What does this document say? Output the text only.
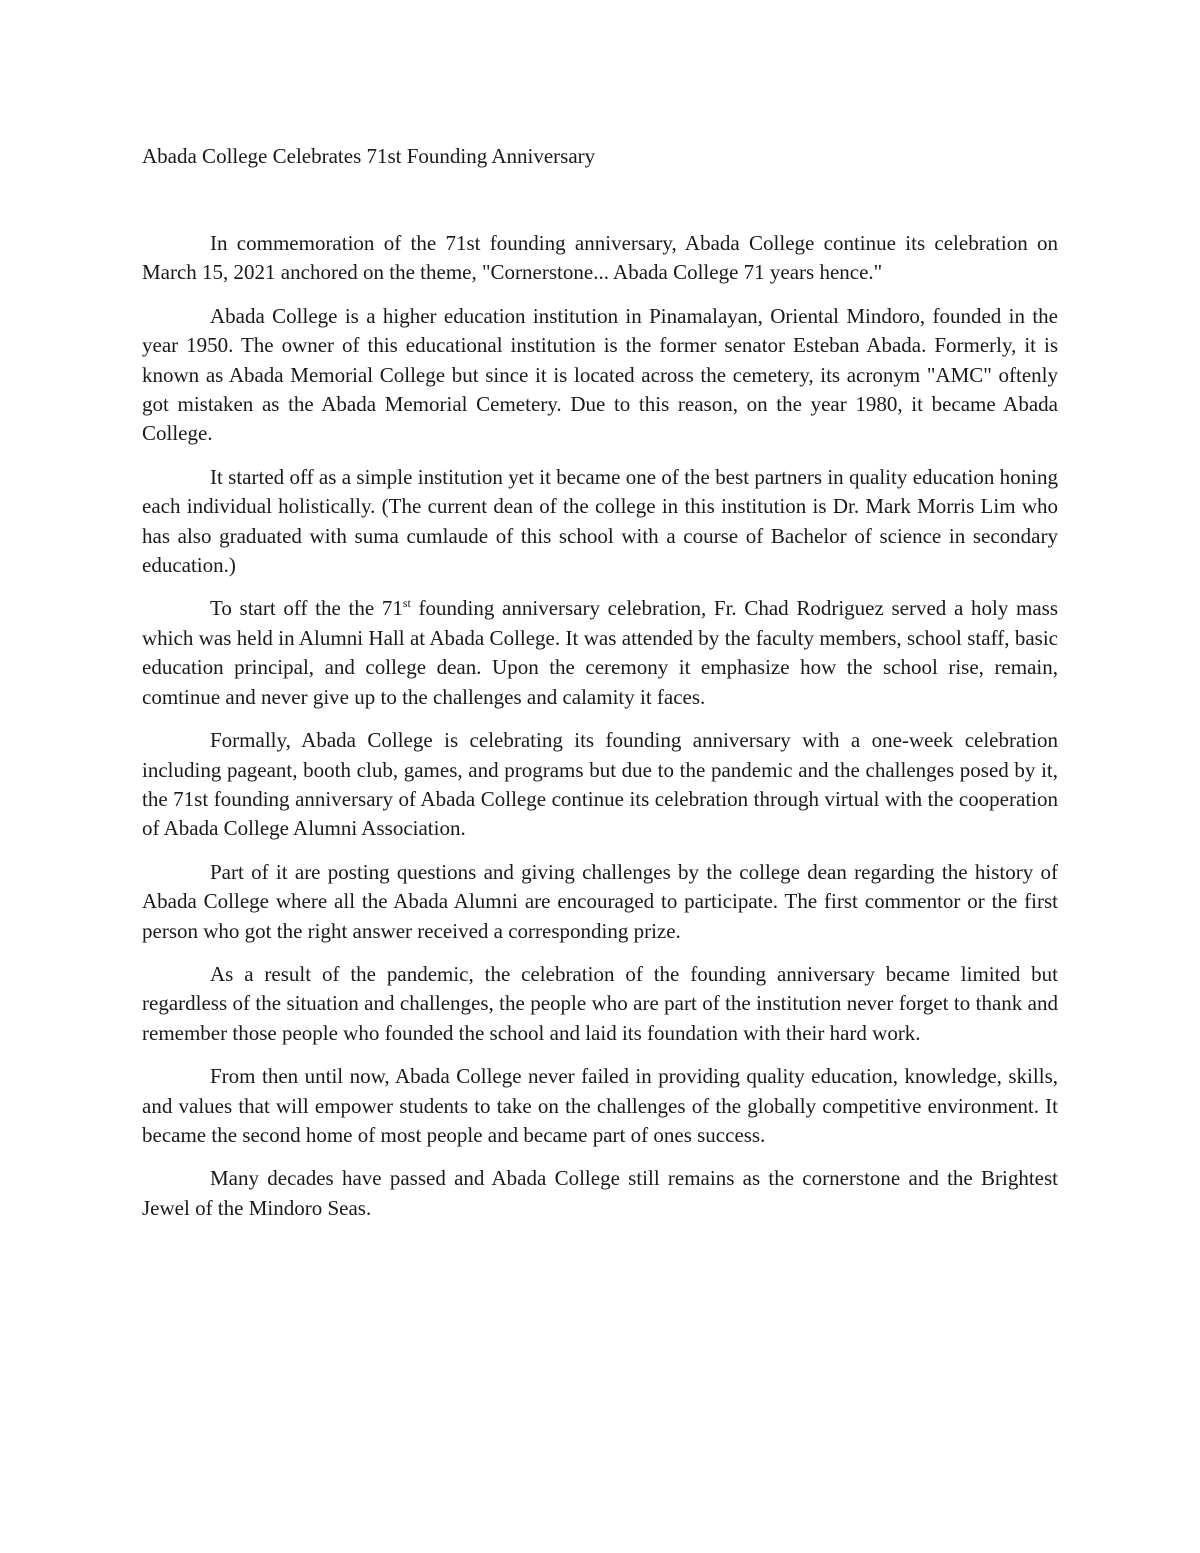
Abada College Celebrates 71st Founding Anniversary

In commemoration of the 71st founding anniversary, Abada College continue its celebration on March 15, 2021 anchored on the theme, "Cornerstone... Abada College 71 years hence."

Abada College is a higher education institution in Pinamalayan, Oriental Mindoro, founded in the year 1950. The owner of this educational institution is the former senator Esteban Abada. Formerly, it is known as Abada Memorial College but since it is located across the cemetery, its acronym "AMC" oftenly got mistaken as the Abada Memorial Cemetery. Due to this reason, on the year 1980, it became Abada College.

It started off as a simple institution yet it became one of the best partners in quality education honing each individual holistically. (The current dean of the college in this institution is Dr. Mark Morris Lim who has also graduated with suma cumlaude of this school with a course of Bachelor of science in secondary education.)

To start off the the 71st founding anniversary celebration, Fr. Chad Rodriguez served a holy mass which was held in Alumni Hall at Abada College. It was attended by the faculty members, school staff, basic education principal, and college dean. Upon the ceremony it emphasize how the school rise, remain, comtinue and never give up to the challenges and calamity it faces.

Formally, Abada College is celebrating its founding anniversary with a one-week celebration including pageant, booth club, games, and programs but due to the pandemic and the challenges posed by it, the 71st founding anniversary of Abada College continue its celebration through virtual with the cooperation of Abada College Alumni Association.

Part of it are posting questions and giving challenges by the college dean regarding the history of Abada College where all the Abada Alumni are encouraged to participate. The first commentor or the first person who got the right answer received a corresponding prize.

As a result of the pandemic, the celebration of the founding anniversary became limited but regardless of the situation and challenges, the people who are part of the institution never forget to thank and remember those people who founded the school and laid its foundation with their hard work.

From then until now, Abada College never failed in providing quality education, knowledge, skills, and values that will empower students to take on the challenges of the globally competitive environment. It became the second home of most people and became part of ones success.

Many decades have passed and Abada College still remains as the cornerstone and the Brightest Jewel of the Mindoro Seas.
